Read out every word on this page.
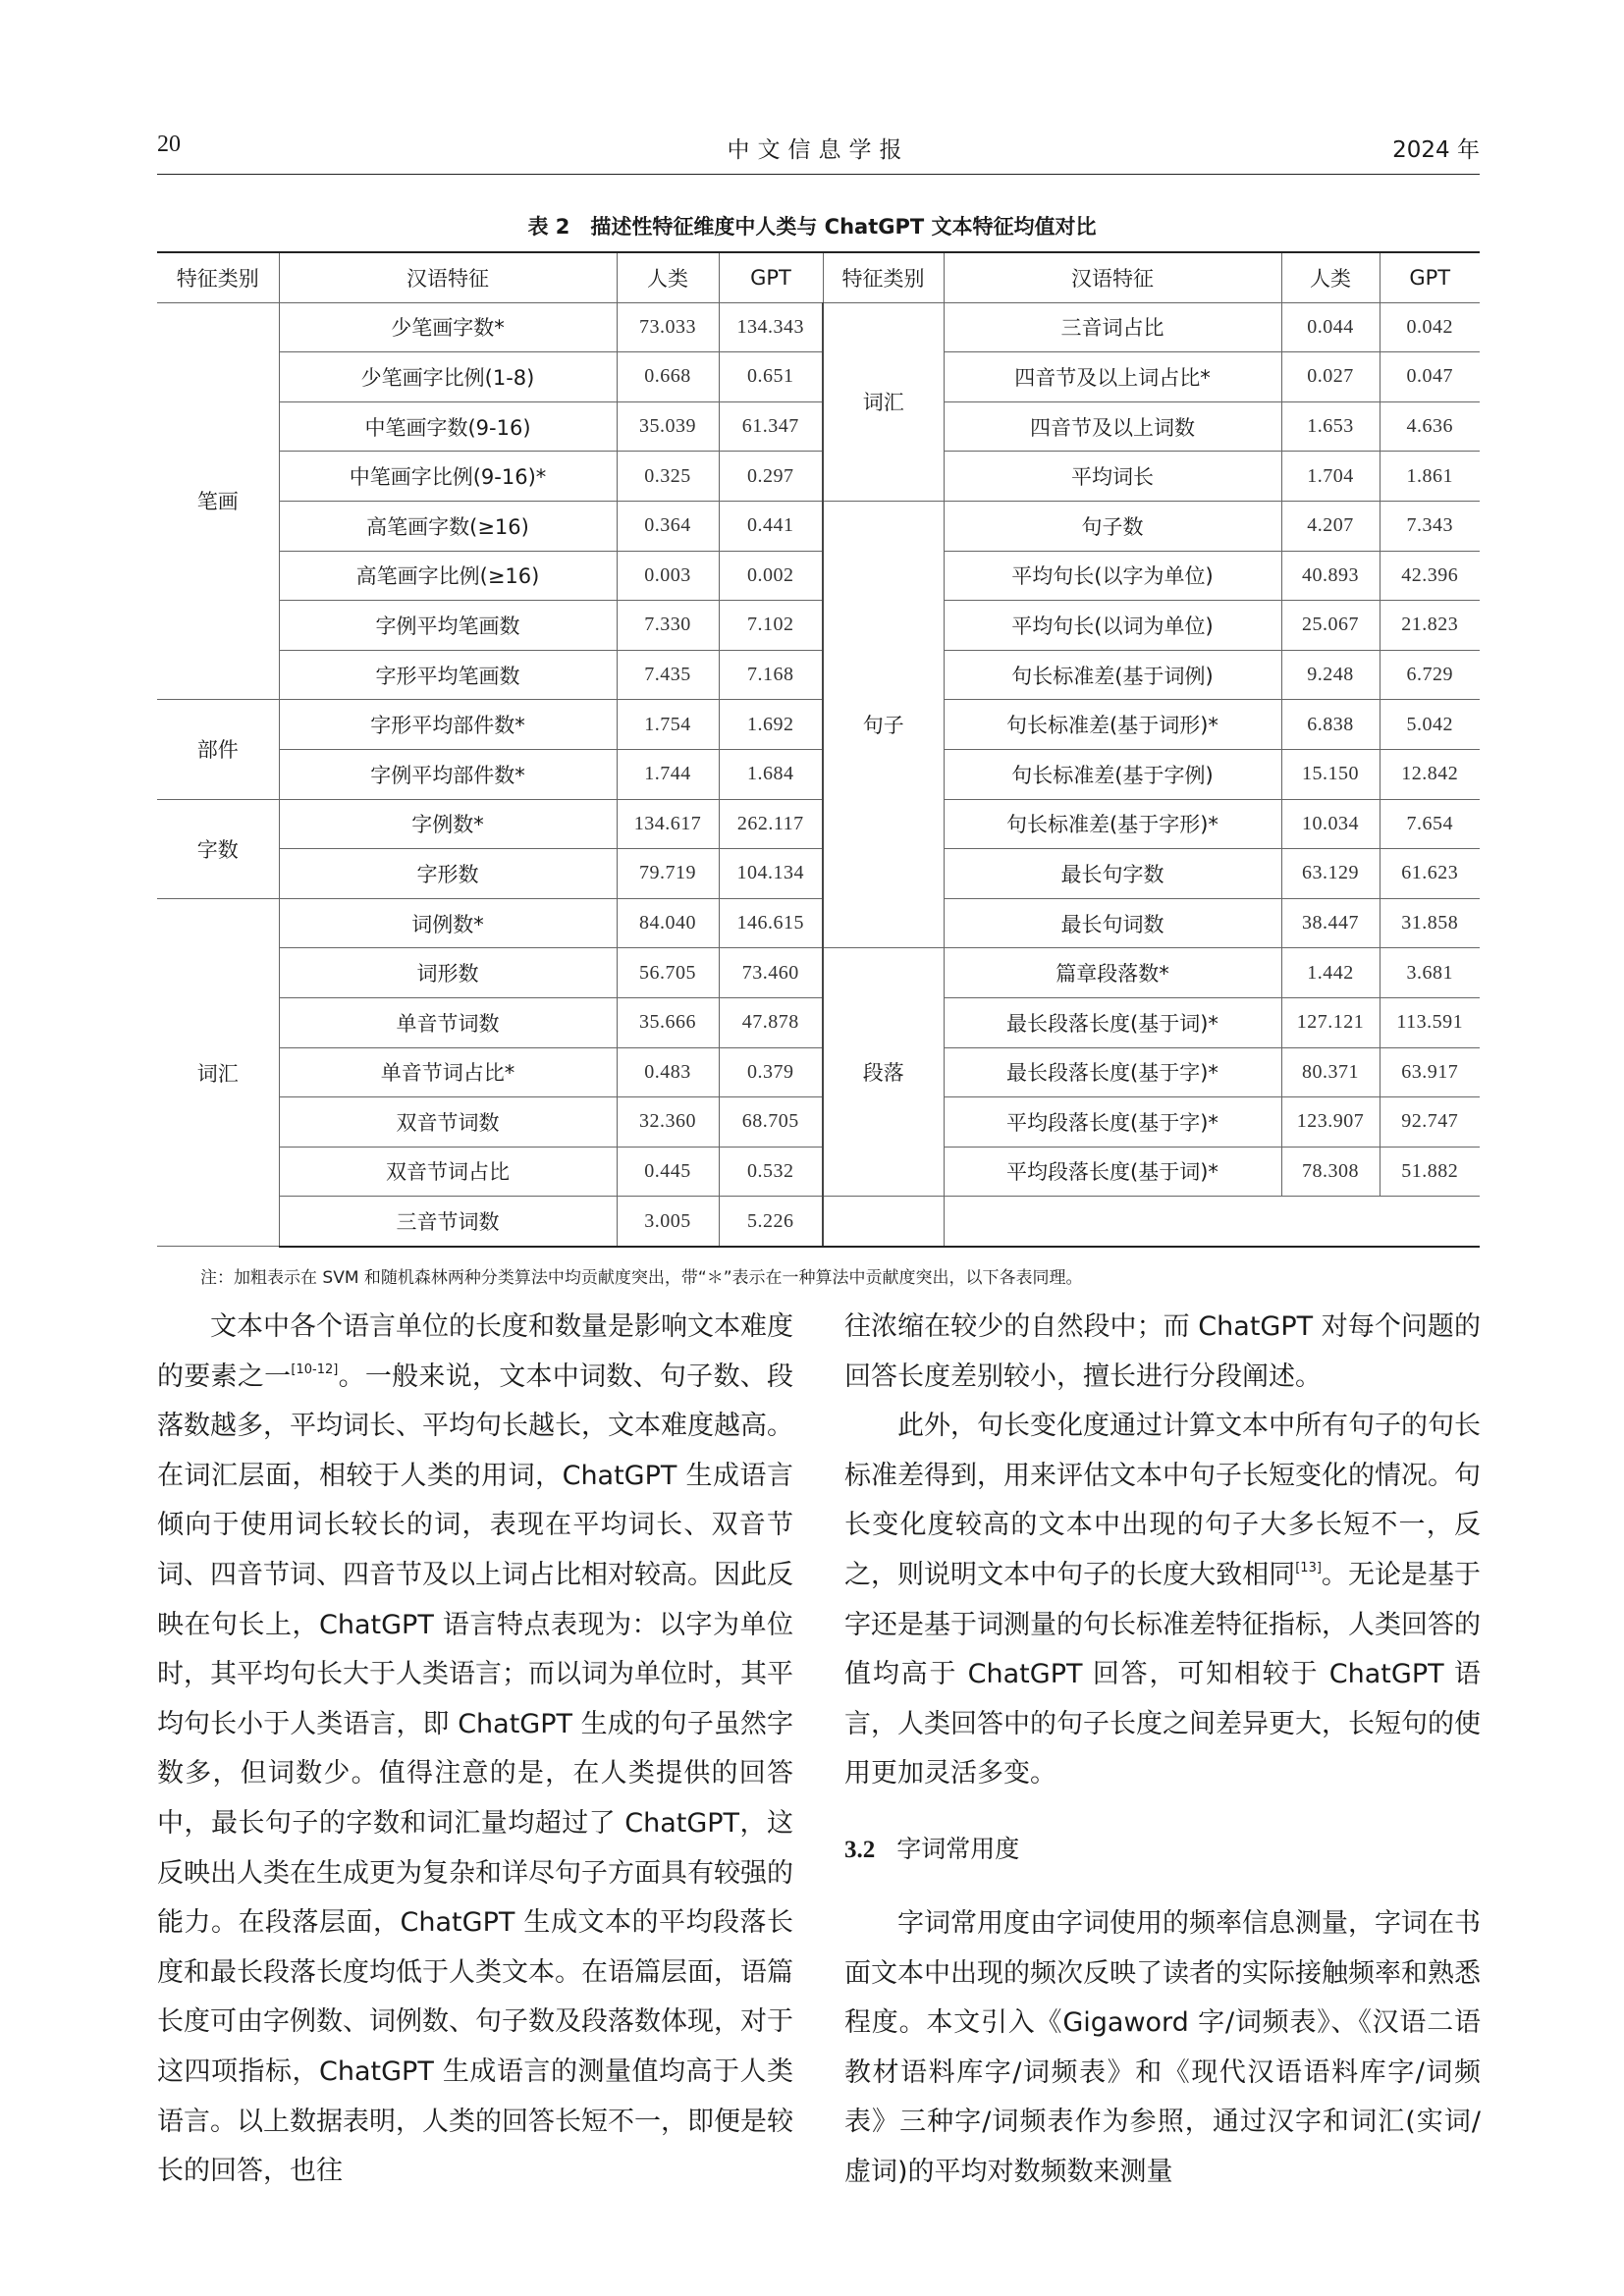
20	中文信息学报	2024 年
表 2　描述性特征维度中人类与 ChatGPT 文本特征均值对比
特征类别	汉语特征	人类	GPT	特征类别	汉语特征	人类	GPT
笔画	少笔画字数*	73.033	134.343	词汇	三音词占比	0.044	0.042
	少笔画字比例(1-8)	0.668	0.651		四音节及以上词占比*	0.027	0.047
	中笔画字数(9-16)	35.039	61.347		四音节及以上词数	1.653	4.636
	中笔画字比例(9-16)*	0.325	0.297		平均词长	1.704	1.861
	高笔画字数(≥16)	0.364	0.441	句子	句子数	4.207	7.343
	高笔画字比例(≥16)	0.003	0.002		平均句长(以字为单位)	40.893	42.396
	字例平均笔画数	7.330	7.102		平均句长(以词为单位)	25.067	21.823
	字形平均笔画数	7.435	7.168		句长标准差(基于词例)	9.248	6.729
部件	字形平均部件数*	1.754	1.692		句长标准差(基于词形)*	6.838	5.042
	字例平均部件数*	1.744	1.684		句长标准差(基于字例)	15.150	12.842
字数	字例数*	134.617	262.117		句长标准差(基于字形)*	10.034	7.654
	字形数	79.719	104.134		最长句字数	63.129	61.623
词汇	词例数*	84.040	146.615		最长句词数	38.447	31.858
	词形数	56.705	73.460	段落	篇章段落数*	1.442	3.681
	单音节词数	35.666	47.878		最长段落长度(基于词)*	127.121	113.591
	单音节词占比*	0.483	0.379		最长段落长度(基于字)*	80.371	63.917
	双音节词数	32.360	68.705		平均段落长度(基于字)*	123.907	92.747
	双音节词占比	0.445	0.532		平均段落长度(基于词)*	78.308	51.882
	三音节词数	3.005	5.226				
注：加粗表示在 SVM 和随机森林两种分类算法中均贡献度突出，带“＊”表示在一种算法中贡献度突出，以下各表同理。

文本中各个语言单位的长度和数量是影响文本难度的要素之一[10-12]。一般来说，文本中词数、句子数、段落数越多，平均词长、平均句长越长，文本难度越高。在词汇层面，相较于人类的用词，ChatGPT 生成语言倾向于使用词长较长的词，表现在平均词长、双音节词、四音节词、四音节及以上词占比相对较高。因此反映在句长上，ChatGPT 语言特点表现为：以字为单位时，其平均句长大于人类语言；而以词为单位时，其平均句长小于人类语言，即 ChatGPT 生成的句子虽然字数多，但词数少。值得注意的是，在人类提供的回答中，最长句子的字数和词汇量均超过了 ChatGPT，这反映出人类在生成更为复杂和详尽句子方面具有较强的能力。在段落层面，ChatGPT 生成文本的平均段落长度和最长段落长度均低于人类文本。在语篇层面，语篇长度可由字例数、词例数、句子数及段落数体现，对于这四项指标，ChatGPT 生成语言的测量值均高于人类语言。以上数据表明，人类的回答长短不一，即便是较长的回答，也往

往浓缩在较少的自然段中；而 ChatGPT 对每个问题的回答长度差别较小，擅长进行分段阐述。

此外，句长变化度通过计算文本中所有句子的句长标准差得到，用来评估文本中句子长短变化的情况。句长变化度较高的文本中出现的句子大多长短不一，反之，则说明文本中句子的长度大致相同[13]。无论是基于字还是基于词测量的句长标准差特征指标，人类回答的值均高于 ChatGPT 回答，可知相较于 ChatGPT 语言，人类回答中的句子长度之间差异更大，长短句的使用更加灵活多变。

3.2 字词常用度

字词常用度由字词使用的频率信息测量，字词在书面文本中出现的频次反映了读者的实际接触频率和熟悉程度。本文引入《Gigaword 字/词频表》、《汉语二语教材语料库字/词频表》和《现代汉语语料库字/词频表》三种字/词频表作为参照，通过汉字和词汇(实词/虚词)的平均对数频数来测量
